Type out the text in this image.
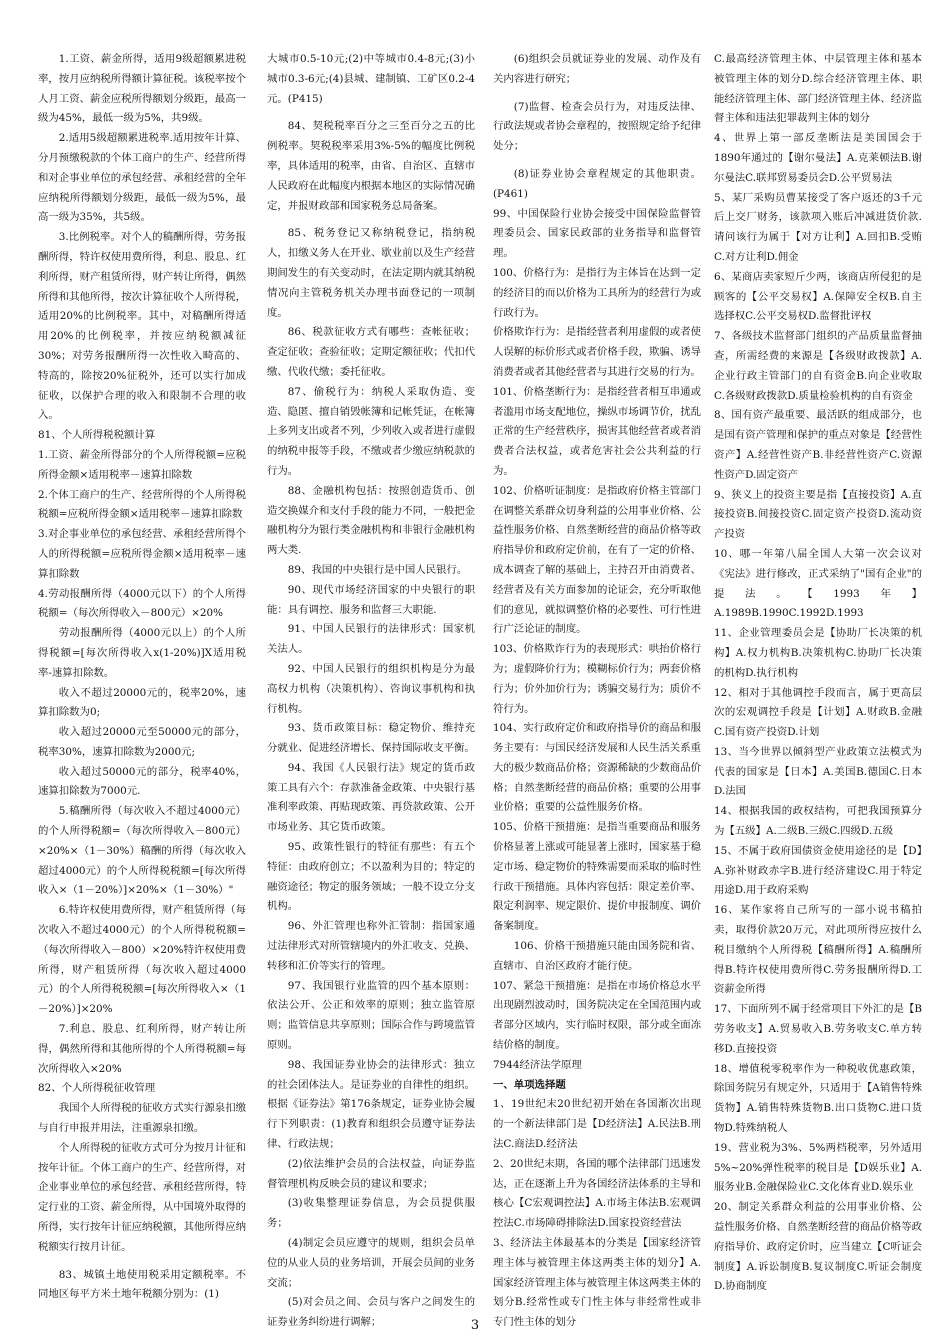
1.工资、薪金所得，适用9级超额累进税率，按月应纳税所得额计算征税。该税率按个人月工资、薪金应税所得额划分级距，最高一级为45%，最低一级为5%，共9级。

2.适用5级超额累进税率.适用按年计算、分月预缴税款的个体工商户的生产、经营所得和对企事业单位的承包经营、承租经营的全年应纳税所得额划分级距，最低一级为5%，最高一级为35%，共5级。

3.比例税率。对个人的稿酬所得，劳务报酬所得，特许权使用费所得，利息、股息、红利所得，财产租赁所得，财产转让所得，偶然所得和其他所得，按次计算征收个人所得税，适用20%的比例税率。其中，对稿酬所得适用20%的比例税率，并按应纳税额减征30%；对劳务报酬所得一次性收入畸高的、特高的，除按20%征税外，还可以实行加成征收，以保护合理的收入和限制不合理的收入。

81、个人所得税税额计算

1.工资、薪金所得部分的个人所得税额=应税所得金额×适用税率－速算扣除数

2.个体工商户的生产、经营所得的个人所得税税额=应税所得金额×适用税率－速算扣除数

3.对企事业单位的承包经营、承租经营所得个人的所得税额=应税所得金额×适用税率－速算扣除数

4.劳动报酬所得（4000元以下）的个人所得税额=（每次所得收入－800元）×20%

劳动报酬所得（4000元以上）的个人所得税额=[每次所得收入x(1-20%)]X适用税率-速算扣除数。

收入不超过20000元的，税率20%，速算扣除数为0;

收入超过20000元至50000元的部分，税率30%，速算扣除数为2000元;

收入超过50000元的部分，税率40%，速算扣除数为7000元.

5.稿酬所得（每次收入不超过4000元）的个人所得税额=（每次所得收入－800元）×20%×（1－30%）稿酬的所得（每次收入超过4000元）的个人所得税税额=[每次所得收入×（1－20%）]×20%×（1－30%）"

6.特许权使用费所得，财产租赁所得（每次收入不超过4000元）的个人所得税税额=（每次所得收入－800）×20%特许权使用费所得，财产租赁所得（每次收入超过4000元）的个人所得税税额=[每次所得收入×（1－20%）]×20%

7.利息、股息、红利所得，财产转让所得，偶然所得和其他所得的个人所得税额=每次所得收入×20%

82、个人所得税征收管理

我国个人所得税的征收方式实行源泉扣缴与自行申报并用法，注重源泉扣缴。

个人所得税的征收方式可分为按月计征和按年计征。个体工商户的生产、经营所得，对企业事业单位的承包经营、承租经营所得，特定行业的工资、薪金所得，从中国境外取得的所得，实行按年计征应纳税额，其他所得应纳税额实行按月计征。

83、城镇土地使用税采用定额税率。不同地区每平方米土地年税额分别为：(1)

大城市0.5-10元;(2)中等城市0.4-8元;(3)小城市0.3-6元;(4)县城、建制镇、工矿区0.2-4元。(P415)

84、契税税率百分之三至百分之五的比例税率。契税税率采用3%-5%的幅度比例税率，具体适用的税率，由省、自治区、直辖市人民政府在此幅度内根据本地区的实际情况确定，并报财政部和国家税务总局备案。

85、税务登记又称纳税登记，指纳税人，扣缴义务人在开业、歇业前以及生产经营期间发生的有关变动时，在法定期内就其纳税情况向主管税务机关办理书面登记的一项制度。

86、税款征收方式有哪些：查帐征收；查定征收；查验征收；定期定额征收；代扣代缴、代收代缴；委托征收。

87、偷税行为：纳税人采取伪造、变造、隐匿、擅自销毁帐簿和记帐凭证，在帐簿上多列支出或者不列，少列收入或者进行虚假的纳税申报等手段，不缴或者少缴应纳税款的行为。

88、金融机构包括：按照创造货币、创造交换媒介和支付手段的能力不同，一般把金融机构分为银行类金融机构和非银行金融机构两大类.

89、我国的中央银行是中国人民银行。

90、现代市场经济国家的中央银行的职能：具有调控、服务和监督三大职能.

91、中国人民银行的法律形式：国家机关法人。

92、中国人民银行的组织机构是分为最高权力机构（决策机构）、咨询议事机构和执行机构。

93、货币政策目标：稳定物价、维持充分就业、促进经济增长、保持国际收支平衡。

94、我国《人民银行法》规定的货币政策工具有六个：存款准备金政策、中央银行基准利率政策、再贴现政策、再贷款政策、公开市场业务、其它货币政策。

95、政策性银行的特征有那些：有五个特征：由政府创立；不以盈利为目的；特定的融资途径；物定的服务领域；一般不设立分支机构。

96、外汇管理也称外汇管制：指国家通过法律形式对所管辖境内的外汇收支、兑换、转移和汇价等实行的管理。

97、我国银行业监管的四个基本原则：依法公开、公正和效率的原则；独立监管原则；监管信息共享原则；国际合作与跨境监管原则。

98、我国证券业协会的法律形式：独立的社会团体法人。是证券业的自律性的组织。根据《证券法》第176条规定，证券业协会履行下列职责：(1)教育和组织会员遵守证券法律、行政法规；

(2)依法维护会员的合法权益，向证券监督管理机构反映会员的建议和要求；

(3)收集整理证券信息，为会员提供服务；

(4)制定会员应遵守的规则，组织会员单位的从业人员的业务培训，开展会员间的业务交流；

(5)对会员之间、会员与客户之间发生的证券业务纠纷进行调解；

(6)组织会员就证券业的发展、动作及有关内容进行研究；

(7)监督、检查会员行为，对违反法律、行政法规或者协会章程的，按照规定给予纪律处分；

(8)证券业协会章程规定的其他职责。(P461)

99、中国保险行业协会接受中国保险监督管理委员会、国家民政部的业务指导和监督管理。

100、价格行为：是指行为主体旨在达到一定的经济目的而以价格为工具所为的经营行为或行政行为。

价格欺诈行为：是指经营者利用虚假的或者使人误解的标价形式或者价格手段，欺骗、诱导消费者或者其他经营者与其进行交易的行为。

101、价格垄断行为：是指经营者相互串通或者滥用市场支配地位，操纵市场调节价，扰乱正常的生产经营秩序，损害其他经营者或者消费者合法权益，或者危害社会公共利益的行为。

102、价格听证制度：是指政府价格主管部门在调整关系群众切身利益的公用事业价格、公益性服务价格、自然垄断经营的商品价格等政府指导价和政府定价前，在有了一定的价格、成本调查了解的基础上，主持召开由消费者、经营者及有关方面参加的论证会，充分听取他们的意见，就拟调整价格的必要性、可行性进行广泛论证的制度。

103、价格欺诈行为的表现形式：哄抬价格行为；虚假降价行为；模糊标价行为；两套价格行为；价外加价行为；诱骗交易行为；质价不符行为。

104、实行政府定价和政府指导价的商品和服务主要有：与国民经济发展和人民生活关系重大的极少数商品价格；资源稀缺的少数商品价格；自然垄断经营的商品价格；重要的公用事业价格；重要的公益性服务价格。

105、价格干预措施：是指当重要商品和服务价格显著上涨或可能显著上涨时，国家基于稳定市场、稳定物价的特殊需要而采取的临时性行政干预措施。具体内容包括：限定差价率、限定利润率、规定限价、提价申报制度、调价备案制度。

106、价格干预措施只能由国务院和省、直辖市、自治区政府才能行使。

107、紧急干预措施：是指在市场价格总水平出现剧烈波动时，国务院决定在全国范围内或者部分区域内，实行临时权限，部分或全面冻结价格的制度。

7944经济法学原理

一、单项选择题

1、19世纪末20世纪初开始在各国渐次出现的一个新法律部门是【D经济法】A.民法B.刑法C.商法D.经济法

2、20世纪末期，各国的哪个法律部门迅速发达，正在逐渐上升为各国经济法体系的主导和核心【C宏观调控法】A.市场主体法B.宏观调控法C.市场障碍排除法D.国家投资经营法

3、经济法主体最基本的分类是【国家经济管理主体与被管理主体这两类主体的划分】A.国家经济管理主体与被管理主体这两类主体的划分B.经常性或专门性主体与非经常性或非专门性主体的划分

C.最高经济管理主体、中层管理主体和基本被管理主体的划分D.综合经济管理主体、职能经济管理主体、部门经济管理主体、经济监督主体和违法犯罪裁判主体的划分

4、世界上第一部反垄断法是美国国会于1890年通过的【谢尔曼法】A.克莱顿法B.谢尔曼法C.联邦贸易委员会D.公平贸易法

5、某厂采购员曹某接受了客户返还的3千元后上交厂财务，该款项入账后冲减进货价款.请问该行为属于【对方让利】A.回扣B.受贿C.对方让利D.佣金

6、某商店卖家短斤少两，该商店所侵犯的是顾客的【公平交易权】A.保障安全权B.自主选择权C.公平交易权D.监督批评权

7、各级技术监督部门组织的产品质量监督抽查，所需经费的来源是【各级财政拨款】A.企业行政主管部门的自有资金B.向企业收取C.各级财政拨款D.质量检验机构的自有资金

8、国有资产最重要、最活跃的组成部分，也是国有资产管理和保护的重点对象是【经营性资产】A.经营性资产B.非经营性资产C.资源性资产D.固定资产

9、狭义上的投资主要是指【直接投资】A.直接投资B.间接投资C.固定资产投资D.流动资产投资

10、哪一年第八届全国人大第一次会议对《宪法》进行修改，正式采纳了"国有企业"的提法。【1993年】A.1989B.1990C.1992D.1993

11、企业管理委员会是【协助厂长决策的机构】A.权力机构B.决策机构C.协助厂长决策的机构D.执行机构

12、相对于其他调控手段而言，属于更高层次的宏观调控手段是【计划】A.财政B.金融C.国有资产投资D.计划

13、当今世界以倾斜型产业政策立法模式为代表的国家是【日本】A.美国B.德国C.日本D.法国

14、根据我国的政权结构，可把我国预算分为【五级】A.二级B.三级C.四级D.五级

15、不属于政府国债资金使用途径的是【D】A.弥补财政赤字B.进行经济建设C.用于特定用途D.用于政府采购

16、某作家将自己所写的一部小说书稿拍卖，取得价款20万元，对此项所得应按什么税目缴纳个人所得税【稿酬所得】A.稿酬所得B.特许权使用费所得C.劳务报酬所得D.工资薪金所得

17、下面所列不属于经常项目下外汇的是【B劳务收支】A.贸易收入B.劳务收支C.单方转移D.直接投资

18、增值税零税率作为一种税收优惠政策，除国务院另有规定外，只适用于【A销售特殊货物】A.销售特殊货物B.出口货物C.进口货物D.特殊纳税人

19、营业税为3%、5%两档税率，另外适用5%~20%弹性税率的税目是【D娱乐业】A.服务业B.金融保险业C.文化体育业D.娱乐业

20、制定关系群众利益的公用事业价格、公益性服务价格、自然垄断经营的商品价格等政府指导价、政府定价时，应当建立【C听证会制度】A.诉讼制度B.复议制度C.听证会制度D.协商制度

3
